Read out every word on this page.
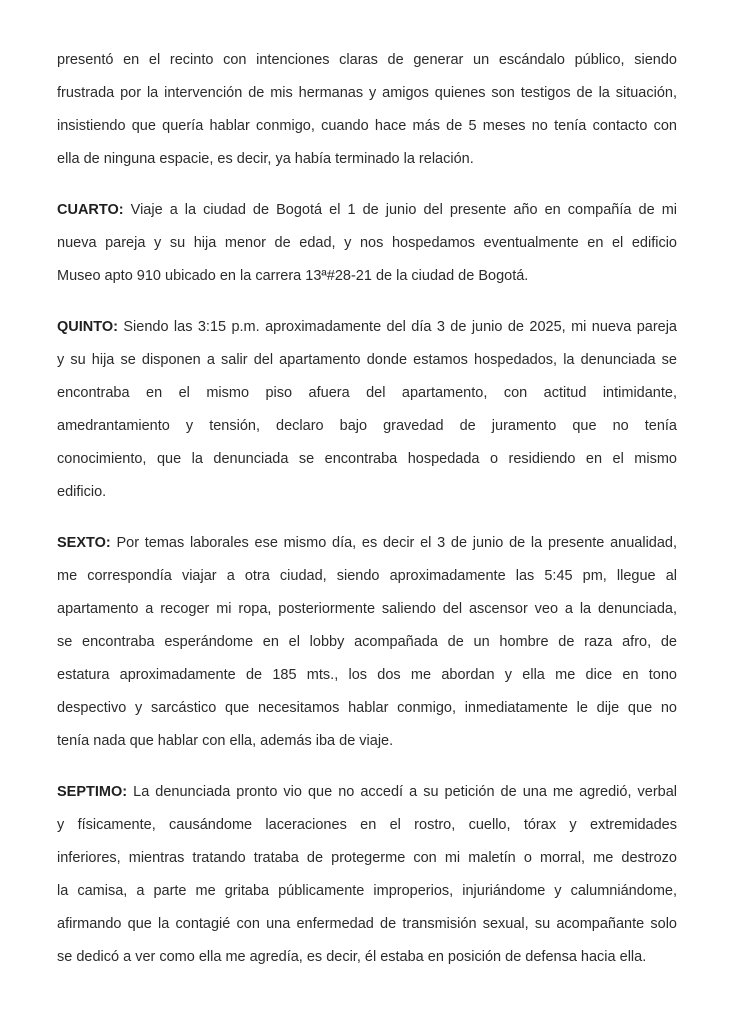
presentó en el recinto con intenciones claras de generar un escándalo público, siendo
frustrada por la intervención de mis hermanas y amigos quienes son testigos de la situación,
insistiendo que quería hablar conmigo, cuando hace más de 5 meses no tenía contacto con
ella de ninguna espacie, es decir, ya había terminado la relación.

CUARTO: Viaje a la ciudad de Bogotá el 1 de junio del presente año en compañía de mi
nueva pareja y su hija menor de edad, y nos hospedamos eventualmente en el edificio
Museo apto 910 ubicado en la carrera 13ª#28-21 de la ciudad de Bogotá.

QUINTO: Siendo las 3:15 p.m. aproximadamente del día 3 de junio de 2025, mi nueva pareja
y su hija se disponen a salir del apartamento donde estamos hospedados, la denunciada se
encontraba en el mismo piso afuera del apartamento, con actitud intimidante,
amedrantamiento y tensión, declaro bajo gravedad de juramento que no tenía
conocimiento, que la denunciada se encontraba hospedada o residiendo en el mismo
edificio.

SEXTO: Por temas laborales ese mismo día, es decir el 3 de junio de la presente anualidad,
me correspondía viajar a otra ciudad, siendo aproximadamente las 5:45 pm, llegue al
apartamento a recoger mi ropa, posteriormente saliendo del ascensor veo a la denunciada,
se encontraba esperándome en el lobby acompañada de un hombre de raza afro, de
estatura aproximadamente de 185 mts., los dos me abordan y ella me dice en tono
despectivo y sarcástico que necesitamos hablar conmigo, inmediatamente le dije que no
tenía nada que hablar con ella, además iba de viaje.

SEPTIMO: La denunciada pronto vio que no accedí a su petición de una me agredió, verbal
y físicamente, causándome laceraciones en el rostro, cuello, tórax y extremidades
inferiores, mientras tratando trataba de protegerme con mi maletín o morral, me destrozo
la camisa, a parte me gritaba públicamente improperios, injuriándome y calumniándome,
afirmando que la contagié con una enfermedad de transmisión sexual, su acompañante solo
se dedicó a ver como ella me agredía, es decir, él estaba en posición de defensa hacia ella.
